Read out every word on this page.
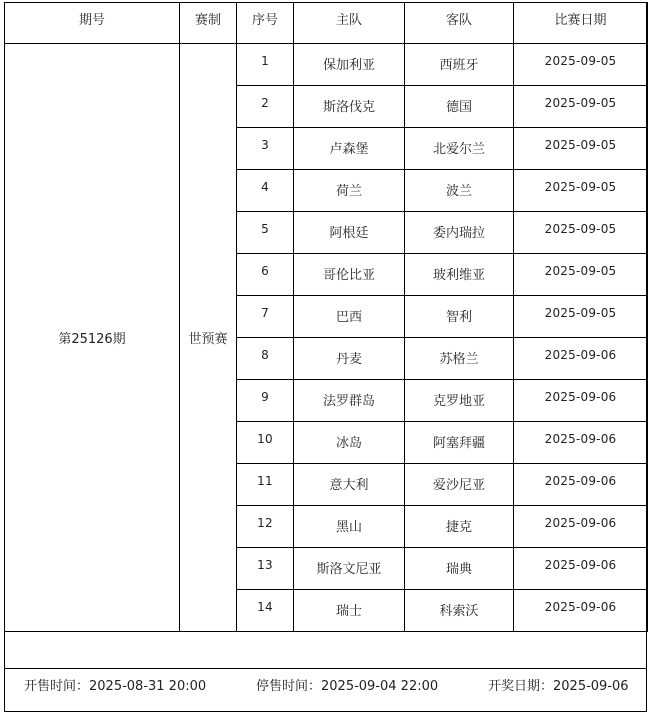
期号	赛制	序号	主队	客队	比赛日期
第25126期	世预赛	1	保加利亚	西班牙	2025-09-05
		2	斯洛伐克	德国	2025-09-05
		3	卢森堡	北爱尔兰	2025-09-05
		4	荷兰	波兰	2025-09-05
		5	阿根廷	委内瑞拉	2025-09-05
		6	哥伦比亚	玻利维亚	2025-09-05
		7	巴西	智利	2025-09-05
		8	丹麦	苏格兰	2025-09-06
		9	法罗群岛	克罗地亚	2025-09-06
		10	冰岛	阿塞拜疆	2025-09-06
		11	意大利	爱沙尼亚	2025-09-06
		12	黑山	捷克	2025-09-06
		13	斯洛文尼亚	瑞典	2025-09-06
		14	瑞士	科索沃	2025-09-06
开售时间：2025-08-31 20:00	停售时间：2025-09-04 22:00	开奖日期：2025-09-06
